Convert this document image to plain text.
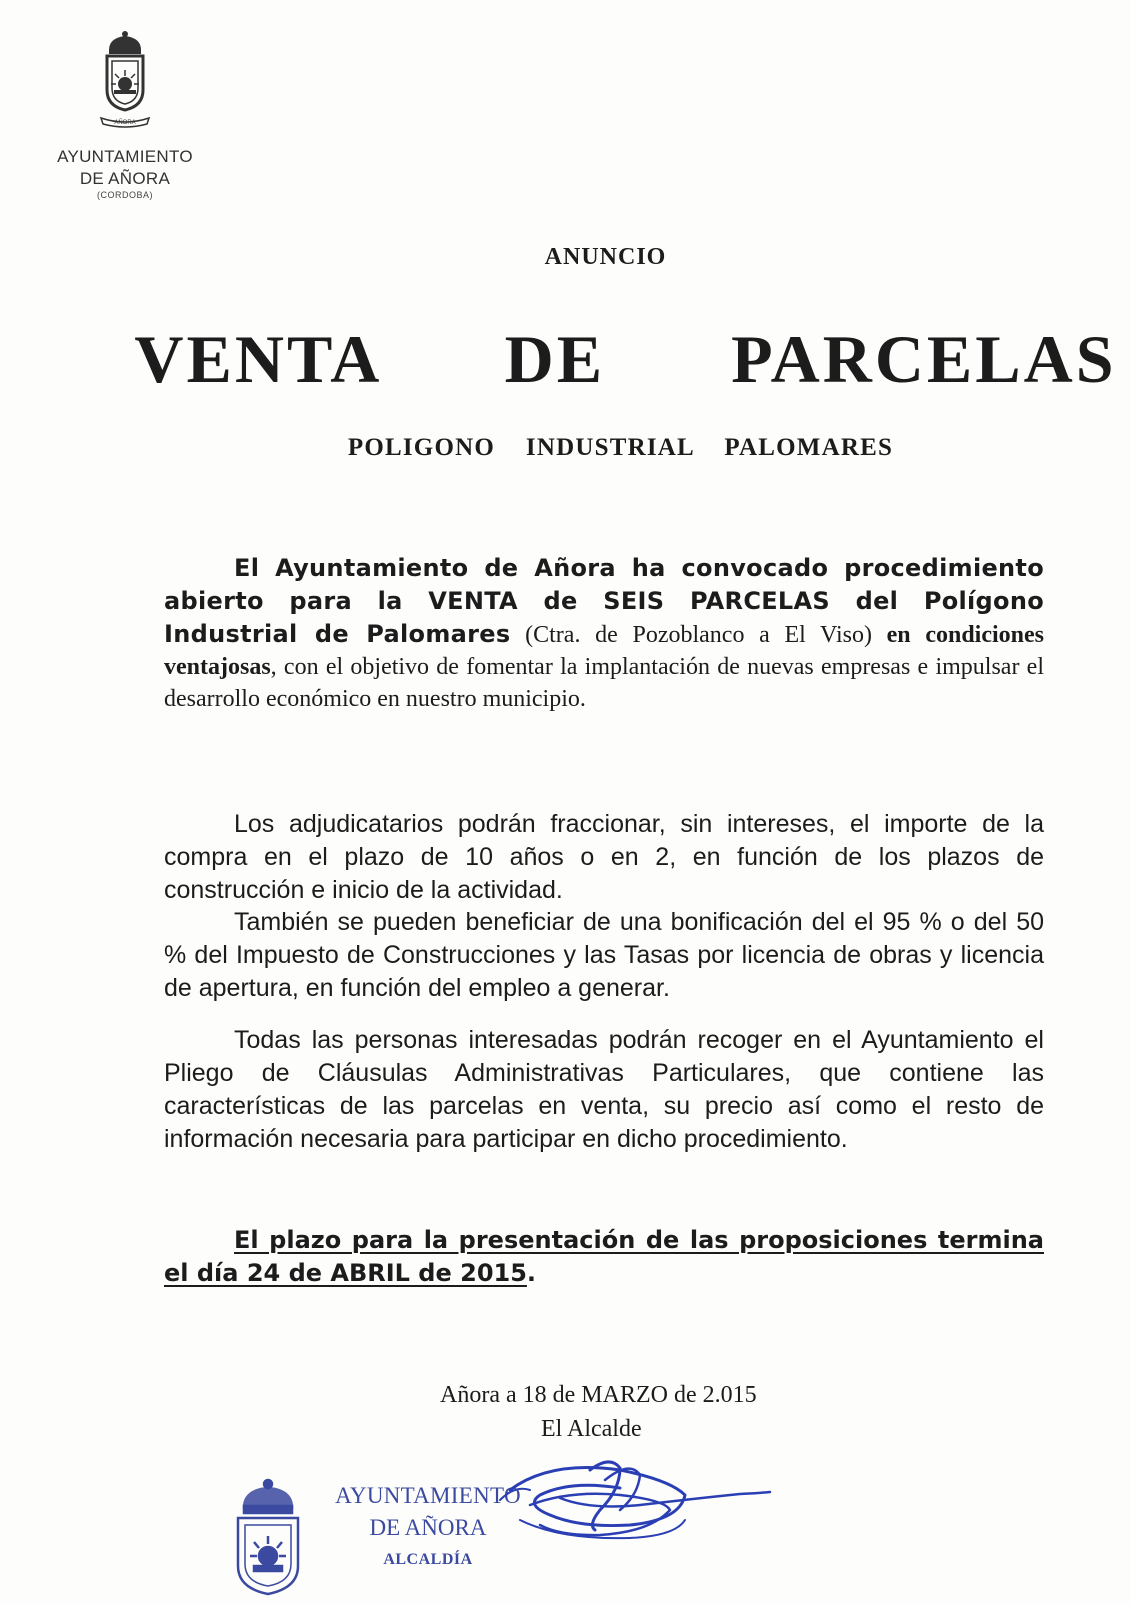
AÑORA
AYUNTAMIENTO
DE AÑORA
(CORDOBA)
ANUNCIO
VENTA   DE   PARCELAS
POLIGONO  INDUSTRIAL  PALOMARES
El Ayuntamiento de Añora ha convocado procedimiento abierto para la VENTA de SEIS PARCELAS del Polígono Industrial de Palomares (Ctra. de Pozoblanco a El Viso) en condiciones ventajosas, con el objetivo de fomentar la implantación de nuevas empresas e impulsar el desarrollo económico en nuestro municipio.
Los adjudicatarios podrán fraccionar, sin intereses, el importe de la compra en el plazo de 10 años o en 2, en función de los plazos de construcción e inicio de la actividad.
También se pueden beneficiar de una bonificación del el 95 % o del 50 % del Impuesto de Construcciones y las Tasas por licencia de obras y licencia de apertura, en función del empleo a generar.
Todas las personas interesadas podrán recoger en el Ayuntamiento el Pliego de Cláusulas Administrativas Particulares, que contiene las características de las parcelas en venta, su precio así como el resto de información necesaria para participar en dicho procedimiento.
El plazo para la presentación de las proposiciones termina el día 24 de ABRIL de 2015.
Añora a 18 de MARZO de 2.015
El Alcalde
AYUNTAMIENTO
DE AÑORA
ALCALDÍA
